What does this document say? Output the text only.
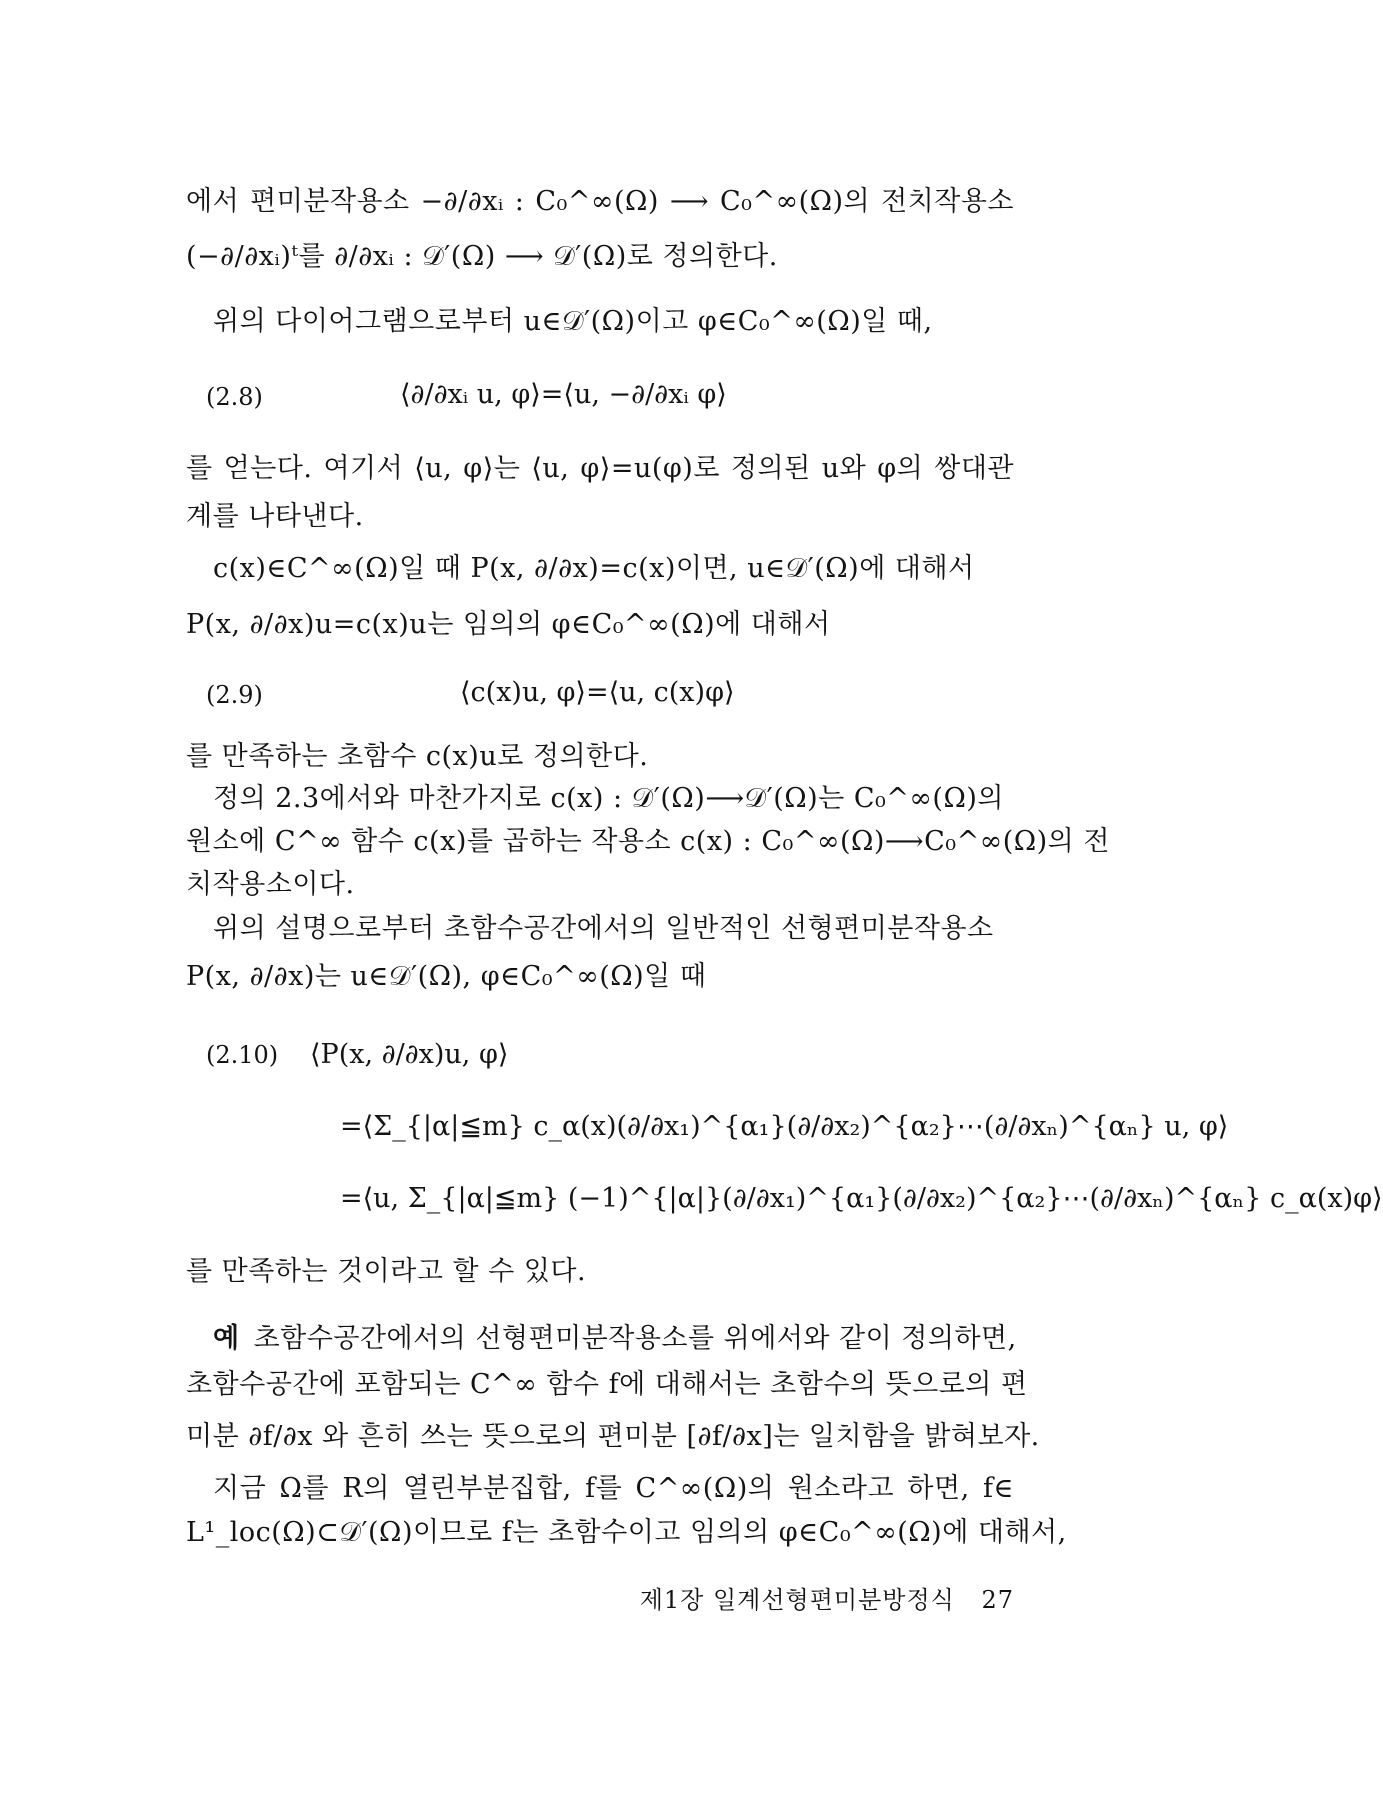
에서 편미분작용소 −∂/∂xᵢ : C₀^∞(Ω) ⟶ C₀^∞(Ω)의 전치작용소
(−∂/∂xᵢ)ᵗ를 ∂/∂xᵢ : 𝒟′(Ω) ⟶ 𝒟′(Ω)로 정의한다.
위의 다이어그램으로부터 u∈𝒟′(Ω)이고 φ∈C₀^∞(Ω)일 때,
(2.8)	⟨∂/∂xᵢ u, φ⟩=⟨u, −∂/∂xᵢ φ⟩
를 얻는다. 여기서 ⟨u, φ⟩는 ⟨u, φ⟩=u(φ)로 정의된 u와 φ의 쌍대관
계를 나타낸다.
c(x)∈C^∞(Ω)일 때 P(x, ∂/∂x)=c(x)이면, u∈𝒟′(Ω)에 대해서
P(x, ∂/∂x)u=c(x)u는 임의의 φ∈C₀^∞(Ω)에 대해서
(2.9)	⟨c(x)u, φ⟩=⟨u, c(x)φ⟩
를 만족하는 초함수 c(x)u로 정의한다.
정의 2.3에서와 마찬가지로 c(x) : 𝒟′(Ω)⟶𝒟′(Ω)는 C₀^∞(Ω)의
원소에 C^∞ 함수 c(x)를 곱하는 작용소 c(x) : C₀^∞(Ω)⟶C₀^∞(Ω)의 전
치작용소이다.
위의 설명으로부터 초함수공간에서의 일반적인 선형편미분작용소
P(x, ∂/∂x)는 u∈𝒟′(Ω), φ∈C₀^∞(Ω)일 때
(2.10) ⟨P(x, ∂/∂x)u, φ⟩
=⟨Σ_{|α|≦m} c_α(x)(∂/∂x₁)^{α₁}(∂/∂x₂)^{α₂}⋯(∂/∂xₙ)^{αₙ} u, φ⟩
=⟨u, Σ_{|α|≦m} (−1)^{|α|}(∂/∂x₁)^{α₁}(∂/∂x₂)^{α₂}⋯(∂/∂xₙ)^{αₙ} c_α(x)φ⟩
를 만족하는 것이라고 할 수 있다.
예 초함수공간에서의 선형편미분작용소를 위에서와 같이 정의하면,
초함수공간에 포함되는 C^∞ 함수 f에 대해서는 초함수의 뜻으로의 편
미분 ∂f/∂x 와 흔히 쓰는 뜻으로의 편미분 [∂f/∂x]는 일치함을 밝혀보자.
지금 Ω를 R의 열린부분집합, f를 C^∞(Ω)의 원소라고 하면, f∈
L¹_loc(Ω)⊂𝒟′(Ω)이므로 f는 초함수이고 임의의 φ∈C₀^∞(Ω)에 대해서,
제1장 일계선형편미분방정식 27
